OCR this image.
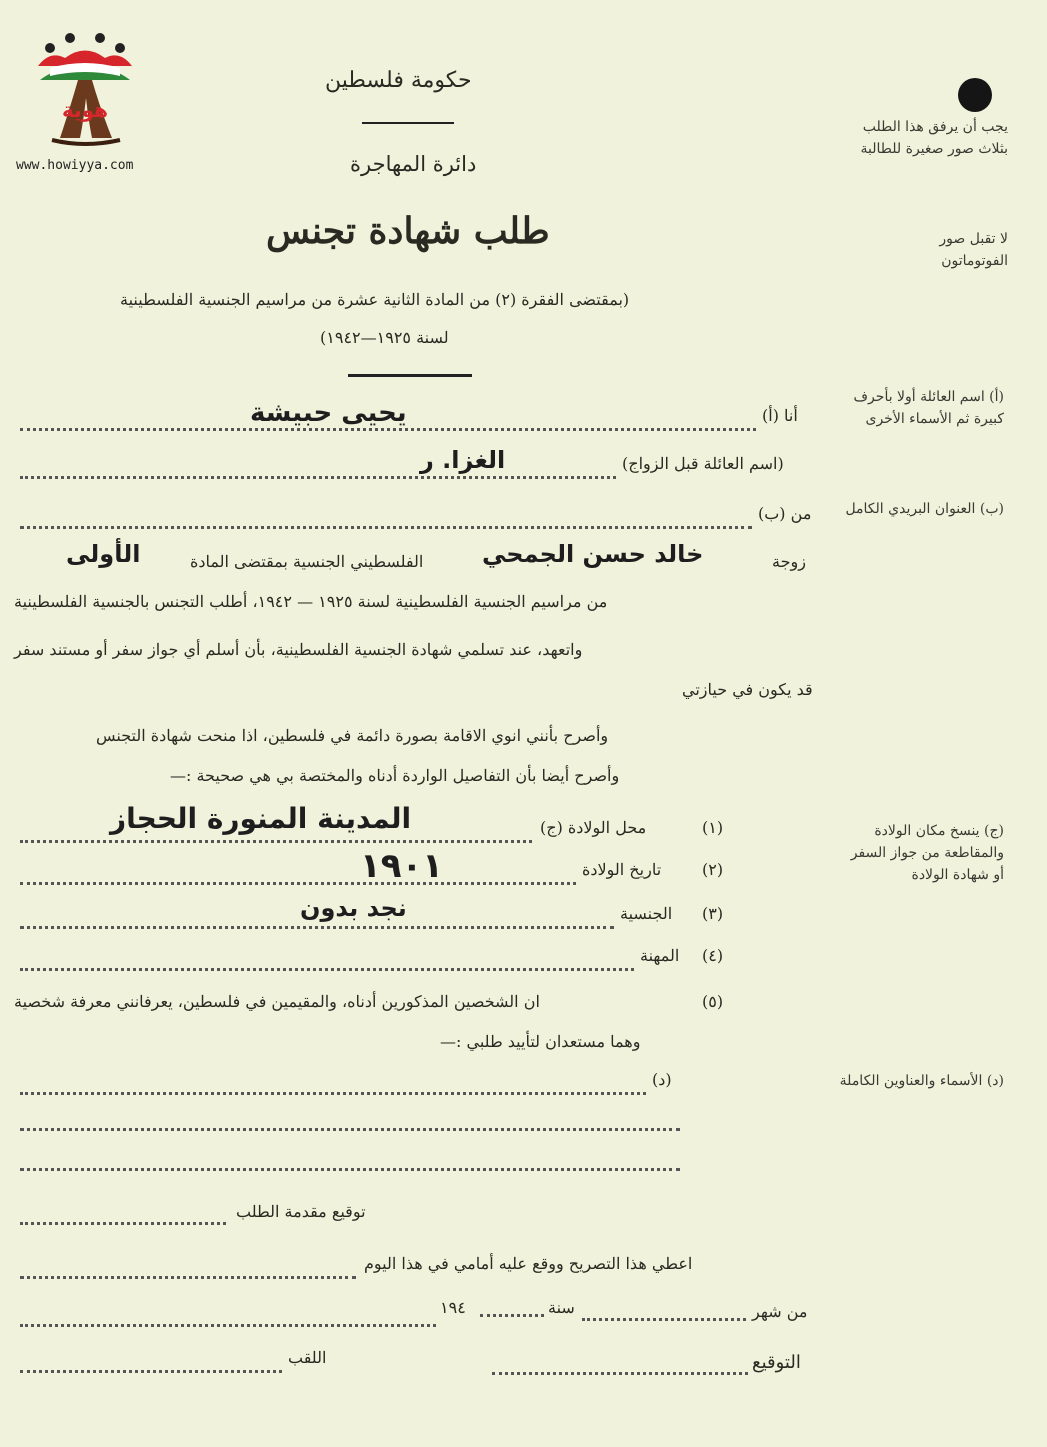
هوية
www.howiyya.com
حكومة فلسطين
دائرة المهاجرة
طلب شهادة تجنس
(بمقتضى الفقرة (٢) من المادة الثانية عشرة من مراسيم الجنسية الفلسطينية
لسنة ١٩٢٥—١٩٤٢)
يجب أن يرفق هذا الطلب بثلاث صور صغيرة للطالبة
لا تقبل صور الفوتوماتون
(أ) اسم العائلة أولا بأحرف كبيرة ثم الأسماء الأخرى
(ب) العنوان البريدي الكامل
(ج) ينسخ مكان الولادة والمقاطعة من جواز السفر أو شهادة الولادة
(د) الأسماء والعناوين الكاملة
أنا (أ)
يحيى حبيشة
(اسم العائلة قبل الزواج)
الغزا. ر
من (ب)
زوجة
خالد حسن الجمحي
الفلسطيني الجنسية بمقتضى المادة
الأولى
من مراسيم الجنسية الفلسطينية لسنة ١٩٢٥ — ١٩٤٢، أطلب التجنس بالجنسية الفلسطينية
واتعهد، عند تسلمي شهادة الجنسية الفلسطينية، بأن أسلم أي جواز سفر أو مستند سفر
قد يكون في حيازتي
وأصرح بأنني انوي الاقامة بصورة دائمة في فلسطين، اذا منحت شهادة التجنس
وأصرح أيضا بأن التفاصيل الواردة أدناه والمختصة بي هي صحيحة :—
(١)
محل الولادة (ج)
المدينة المنورة الحجاز
(٢)
تاريخ الولادة
١٩٠١
(٣)
الجنسية
نجد بدون
(٤)
المهنة
(٥)
ان الشخصين المذكورين أدناه، والمقيمين في فلسطين، يعرفانني معرفة شخصية
وهما مستعدان لتأييد طلبي :—
(د)
توقيع مقدمة الطلب
اعطي هذا التصريح ووقع عليه أمامي في هذا اليوم
من شهر
سنة
١٩٤
التوقيع
اللقب
